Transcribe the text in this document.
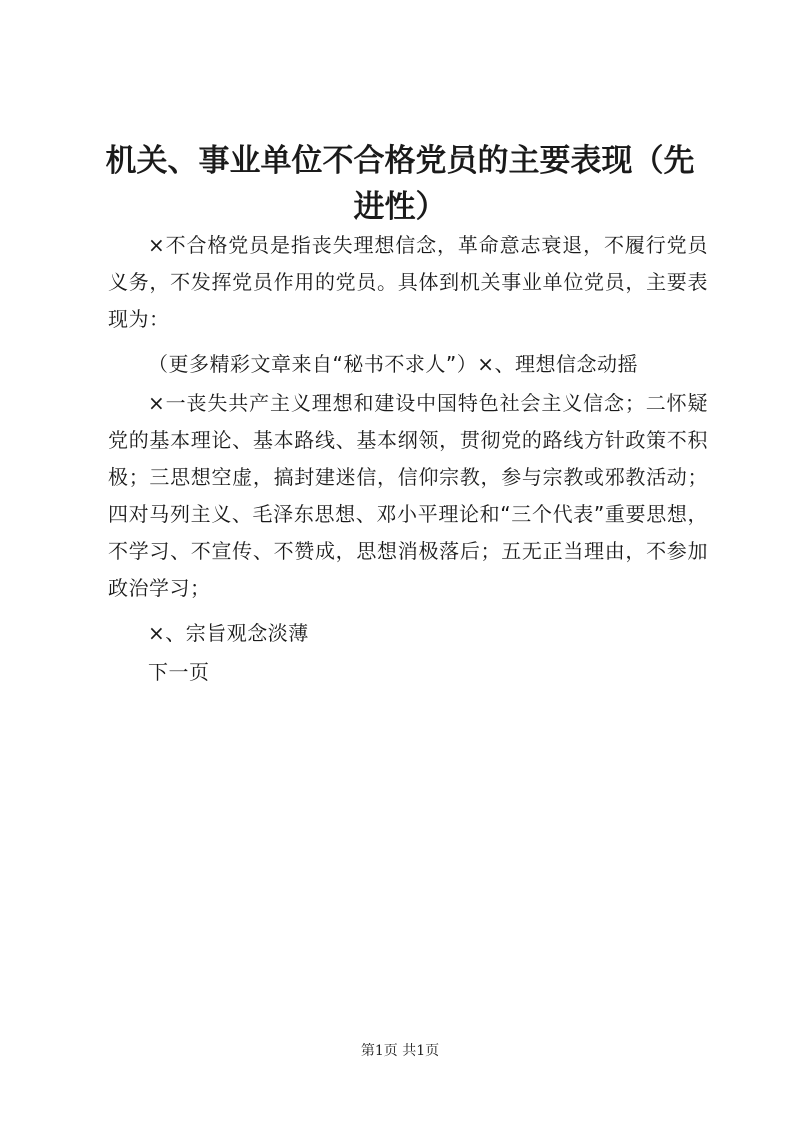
机关、事业单位不合格党员的主要表现（先进性）

×不合格党员是指丧失理想信念，革命意志衰退，不履行党员义务，不发挥党员作用的党员。具体到机关事业单位党员，主要表现为：

（更多精彩文章来自“秘书不求人”）×、理想信念动摇

×一丧失共产主义理想和建设中国特色社会主义信念；二怀疑党的基本理论、基本路线、基本纲领，贯彻党的路线方针政策不积极；三思想空虚，搞封建迷信，信仰宗教，参与宗教或邪教活动；四对马列主义、毛泽东思想、邓小平理论和“三个代表”重要思想，不学习、不宣传、不赞成，思想消极落后；五无正当理由，不参加政治学习；

×、宗旨观念淡薄

下一页

第1页 共1页
